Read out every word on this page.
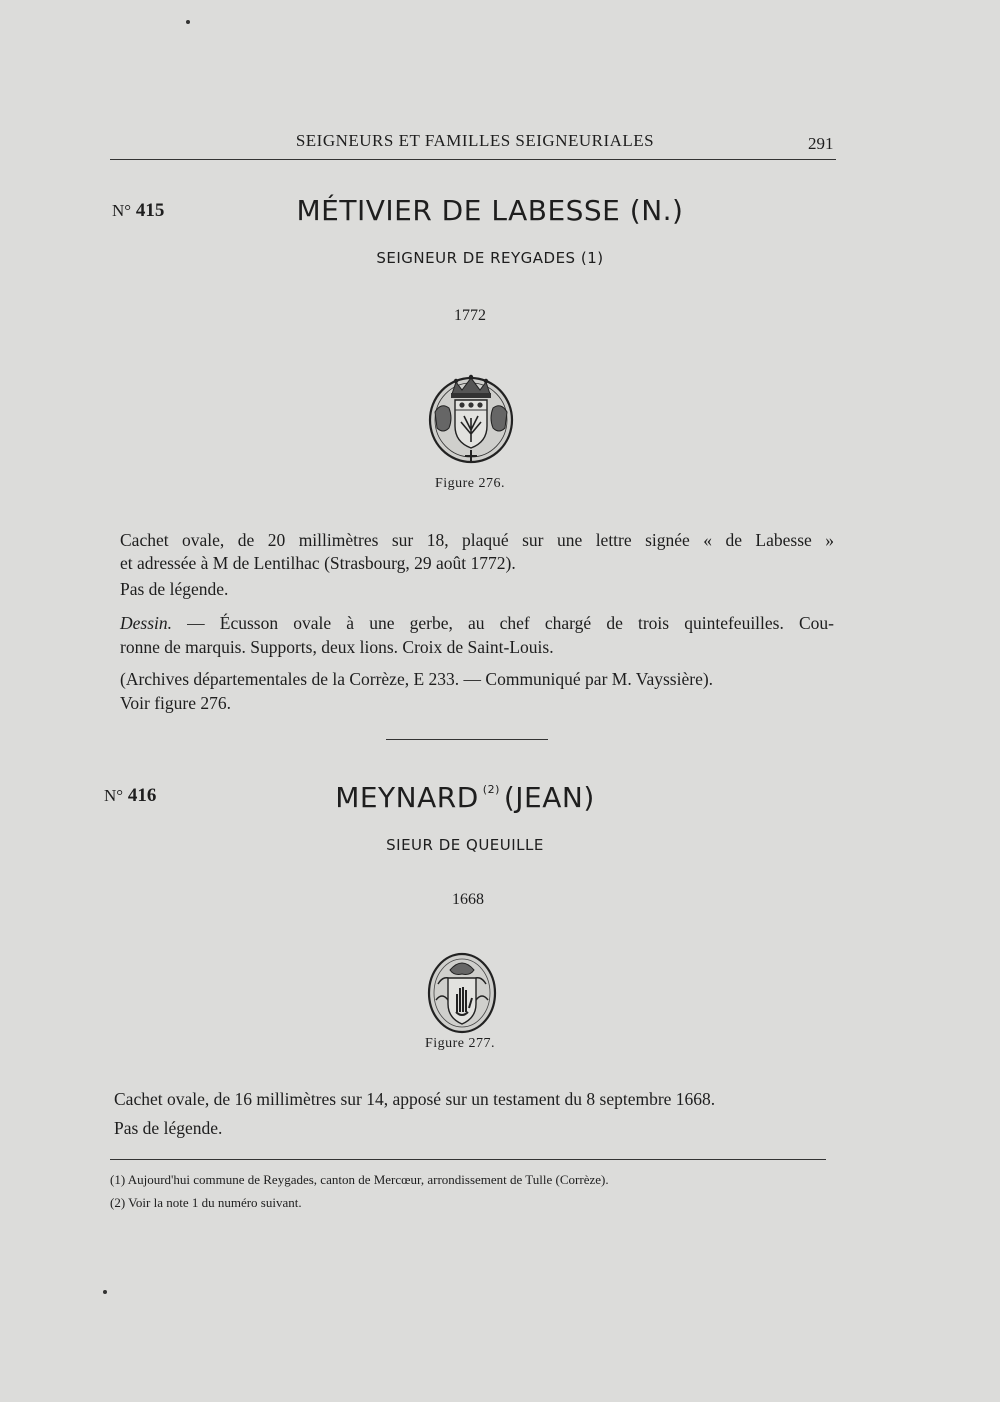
SEIGNEURS ET FAMILLES SEIGNEURIALES	291
N° 415	MÉTIVIER DE LABESSE (N.)
SEIGNEUR DE REYGADES (1)
1772
Figure 276.
Cachet ovale, de 20 millimètres sur 18, plaqué sur une lettre signée « de Labesse »
et adressée à M de Lentilhac (Strasbourg, 29 août 1772).
Pas de légende.
Dessin. — Écusson ovale à une gerbe, au chef chargé de trois quintefeuilles. Cou-
ronne de marquis. Supports, deux lions. Croix de Saint-Louis.
(Archives départementales de la Corrèze, E 233. — Communiqué par M. Vayssière).
Voir figure 276.
N° 416	MEYNARD $^{(2)}$ (JEAN)
SIEUR DE QUEUILLE
1668
Figure 277.
Cachet ovale, de 16 millimètres sur 14, apposé sur un testament du 8 septembre 1668.
Pas de légende.
(1) Aujourd'hui commune de Reygades, canton de Mercœur, arrondissement de Tulle (Corrèze).
(2) Voir la note 1 du numéro suivant.
